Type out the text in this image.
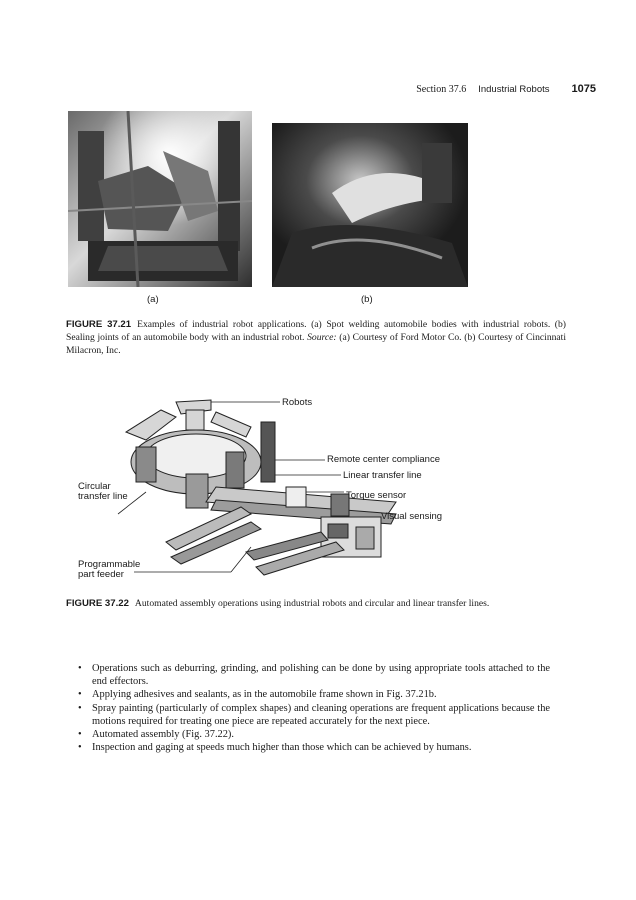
Section 37.6 Industrial Robots 1075
(a)	(b)
FIGURE 37.21 Examples of industrial robot applications. (a) Spot welding automobile bodies with industrial robots. (b) Sealing joints of an automobile body with an industrial robot. Source: (a) Courtesy of Ford Motor Co. (b) Courtesy of Cincinnati Milacron, Inc.
Robots
Remote center compliance
Linear transfer line
Circular
transfer line	Torque sensor
Visual sensing
Programmable
part feeder
FIGURE 37.22 Automated assembly operations using industrial robots and circular and linear transfer lines.
• Operations such as deburring, grinding, and polishing can be done by using appropriate tools attached to the end effectors.
• Applying adhesives and sealants, as in the automobile frame shown in Fig. 37.21b.
• Spray painting (particularly of complex shapes) and cleaning operations are frequent applications because the motions required for treating one piece are repeated accurately for the next piece.
• Automated assembly (Fig. 37.22).
• Inspection and gaging at speeds much higher than those which can be achieved by humans.
